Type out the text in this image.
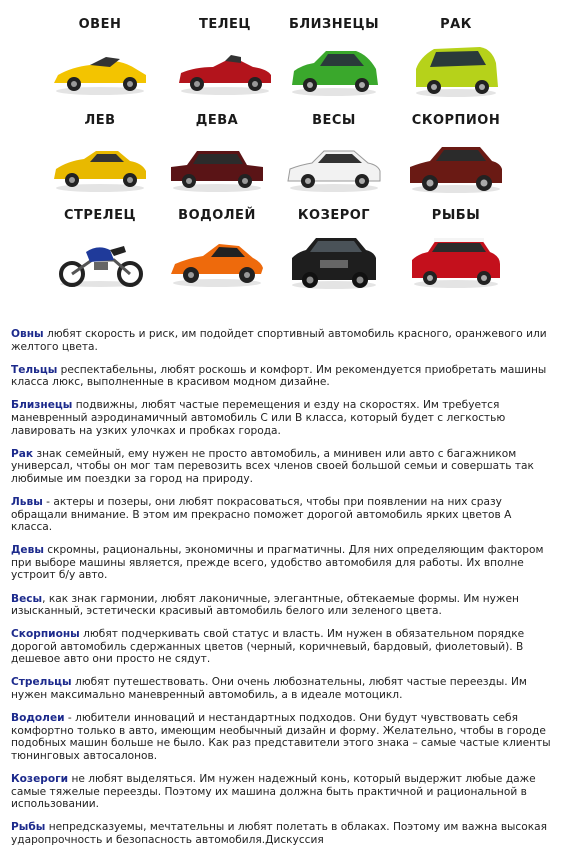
ОВЕН	ТЕЛЕЦ	БЛИЗНЕЦЫ	РАК
ЛЕВ	ДЕВА	ВЕСЫ	СКОРПИОН
СТРЕЛЕЦ	ВОДОЛЕЙ	КОЗЕРОГ	РЫБЫ

Овны любят скорость и риск, им подойдет спортивный автомобиль красного, оранжевого или желтого цвета.

Тельцы респектабельны, любят роскошь и комфорт. Им рекомендуется приобретать машины класса люкс, выполненные в красивом модном дизайне.

Близнецы подвижны, любят частые перемещения и езду на скоростях. Им требуется маневренный аэродинамичный автомобиль C или B класса, который будет с легкостью лавировать на узких улочках и пробках города.

Рак знак семейный, ему нужен не просто автомобиль, а минивен или авто с багажником универсал, чтобы он мог там перевозить всех членов своей большой семьи и совершать так любимые им поездки за город на природу.

Львы - актеры и позеры, они любят покрасоваться, чтобы при появлении на них сразу обращали внимание. В этом им прекрасно поможет дорогой автомобиль ярких цветов А класса.

Девы скромны, рациональны, экономичны и прагматичны. Для них определяющим фактором при выборе машины является, прежде всего, удобство автомобиля для работы. Их вполне устроит б/у авто.

Весы, как знак гармонии, любят лаконичные, элегантные, обтекаемые формы. Им нужен изысканный, эстетически красивый автомобиль белого или зеленого цвета.

Скорпионы любят подчеркивать свой статус и власть. Им нужен в обязательном порядке дорогой автомобиль сдержанных цветов (черный, коричневый, бардовый, фиолетовый). В дешевое авто они просто не сядут.

Стрельцы любят путешествовать. Они очень любознательны, любят частые переезды. Им нужен максимально маневренный автомобиль, а в идеале мотоцикл.

Водолеи - любители инноваций и нестандартных подходов. Они будут чувствовать себя комфортно только в авто, имеющим необычный дизайн и форму. Желательно, чтобы в городе подобных машин больше не было. Как раз представители этого знака – самые частые клиенты тюнинговых автосалонов.

Козероги не любят выделяться. Им нужен надежный конь, который выдержит любые даже самые тяжелые переезды. Поэтому их машина должна быть практичной и рациональной в использовании.

Рыбы непредсказуемы, мечтательны и любят полетать в облаках. Поэтому им важна высокая ударопрочность и безопасность автомобиля.Дискуссия
